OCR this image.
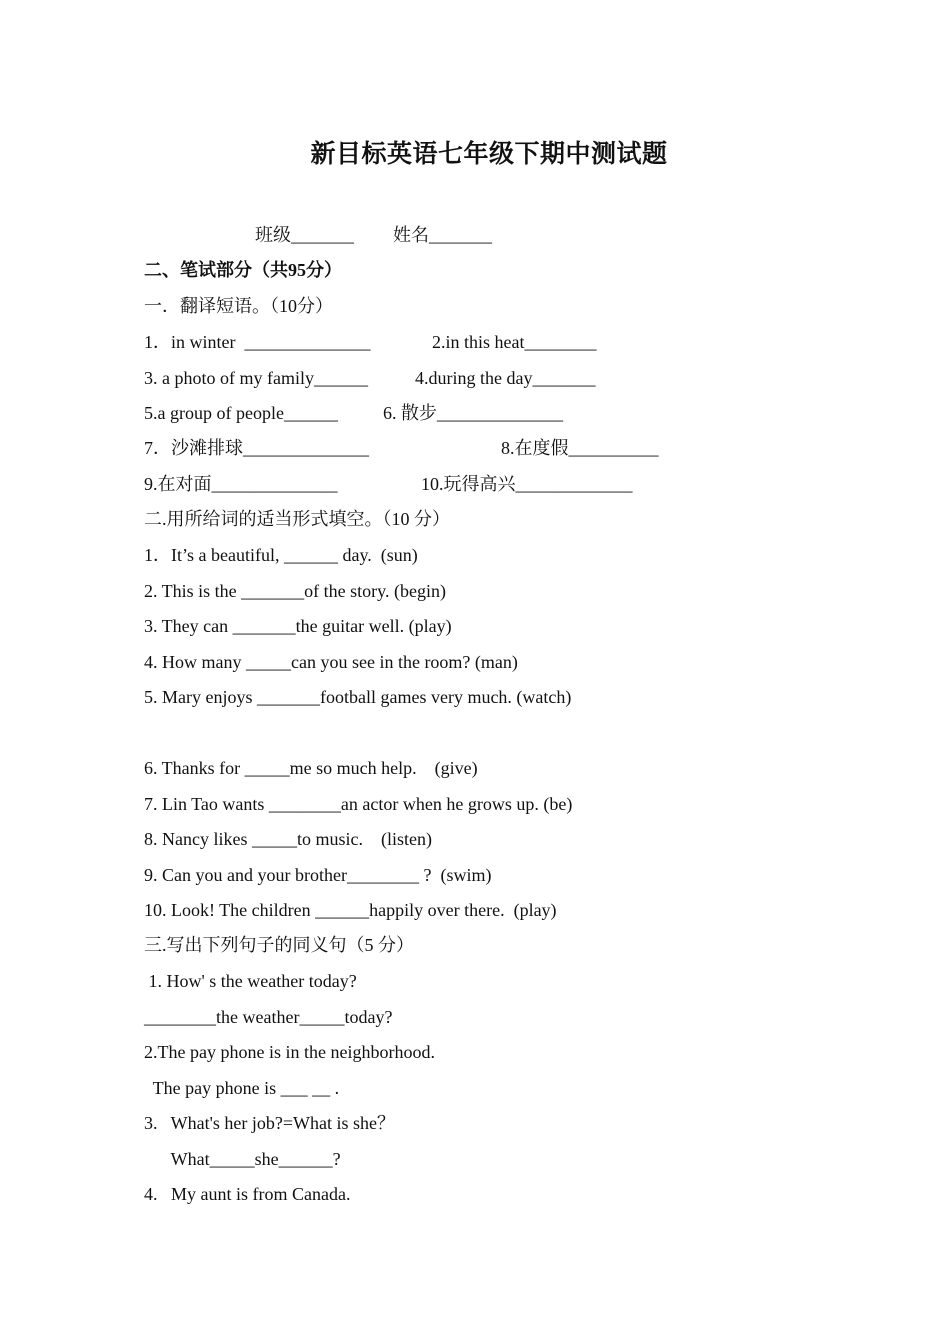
新目标英语七年级下期中测试题
班级_______ 姓名_______
二、笔试部分（共95分）
一．翻译短语。（10分）
1．in winter  ______________	2.in this heat________
3. a photo of my family______	4.during the day_______
5.a group of people______	6. 散步______________
7．沙滩排球______________	8.在度假__________
9.在对面______________	10.玩得高兴_____________
二.用所给词的适当形式填空。（10 分）
1．It’s a beautiful, ______ day.  (sun)
2. This is the _______of the story. (begin)
3. They can _______the guitar well. (play)
4. How many _____can you see in the room? (man)
5. Mary enjoys _______football games very much. (watch)
6. Thanks for _____me so much help.    (give)
7. Lin Tao wants ________an actor when he grows up. (be)
8. Nancy likes _____to music.    (listen)
9. Can you and your brother________ ?  (swim)
10. Look! The children ______happily over there.  (play)
三.写出下列句子的同义句（5 分）
1. How' s the weather today?
________the weather_____today?
2.The pay phone is in the neighborhood.
The pay phone is ___ __ .
3.   What's her job?=What is she？
What_____she______?
4.   My aunt is from Canada.
